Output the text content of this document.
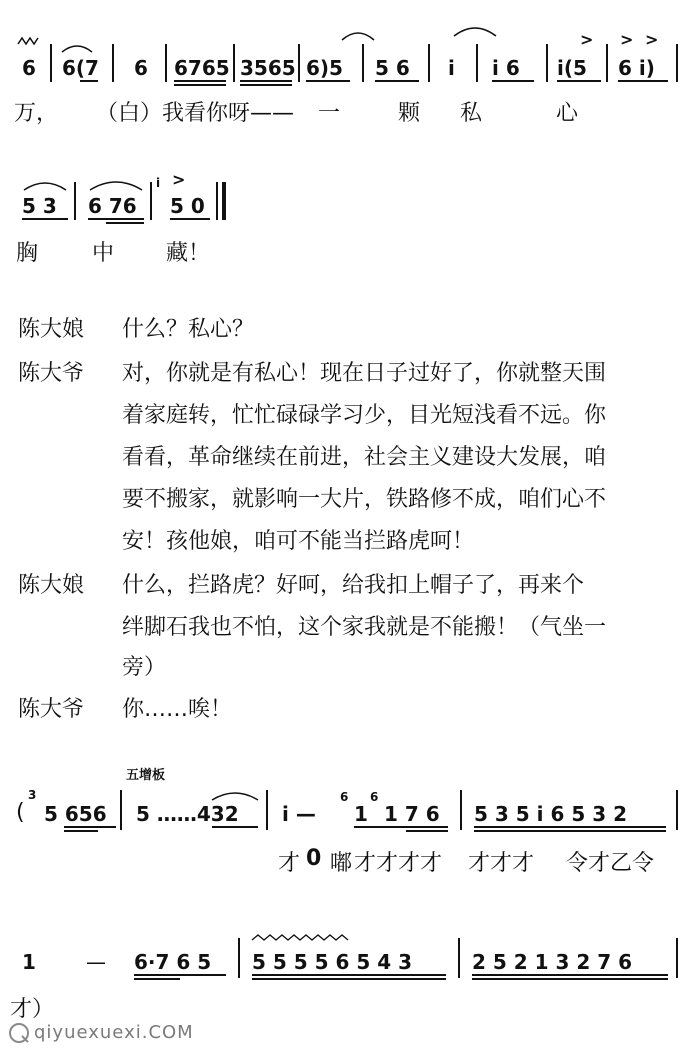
6 6(7 6 6765 3565 6)5 5 6 i i 6 i(5
> > >
6 i)
万， （白）我看你呀—— 一	颗 私	心
5 3 6 76
i >
5 0
胸 中 藏！
陈大娘 什么？私心？
陈大爷 对，你就是有私心！现在日子过好了，你就整天围
着家庭转，忙忙碌碌学习少，目光短浅看不远。你
看看，革命继续在前进，社会主义建设大发展，咱
要不搬家，就影响一大片，铁路修不成，咱们心不
安！孩他娘，咱可不能当拦路虎呵！
陈大娘 什么，拦路虎？好呵，给我扣上帽子了，再来个
绊脚石我也不怕，这个家我就是不能搬！（气坐一
旁）
陈大爷 你……唉！
五增板
(
3
5 656 5 ……432 i —
6
1
6
1 7 6 5 3 5 i 6 5 3 2
才 0 嘟 才才才才 才才才 令才乙令
1	— 6·7 6 5 5 5 5 5 6 5 4 3	2 5 2 1 3 2 7 6
才）
qiyuexuexi.COM
